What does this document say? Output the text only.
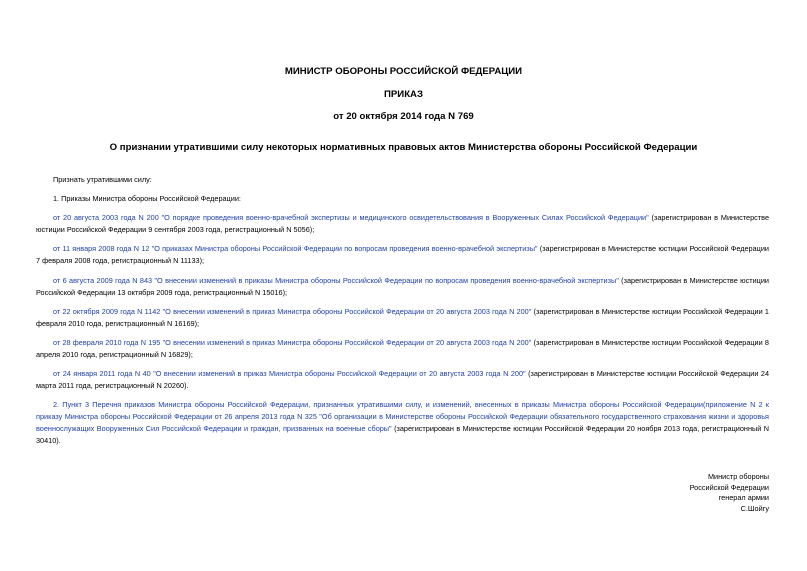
МИНИСТР ОБОРОНЫ РОССИЙСКОЙ ФЕДЕРАЦИИ
ПРИКАЗ
от 20 октября 2014 года N 769
О признании утратившими силу некоторых нормативных правовых актов Министерства обороны Российской Федерации
Признать утратившими силу:
1. Приказы Министра обороны Российской Федерации:
от 20 августа 2003 года N 200 "О порядке проведения военно-врачебной экспертизы и медицинского освидетельствования в Вооруженных Силах Российской Федерации" (зарегистрирован в Министерстве юстиции Российской Федерации 9 сентября 2003 года, регистрационный N 5056);
от 11 января 2008 года N 12 "О приказах Министра обороны Российской Федерации по вопросам проведения военно-врачебной экспертизы" (зарегистрирован в Министерстве юстиции Российской Федерации 7 февраля 2008 года, регистрационный N 11133);
от 6 августа 2009 года N 843 "О внесении изменений в приказы Министра обороны Российской Федерации по вопросам проведения военно-врачебной экспертизы" (зарегистрирован в Министерстве юстиции Российской Федерации 13 октября 2009 года, регистрационный N 15016);
от 22 октября 2009 года N 1142 "О внесении изменений в приказ Министра обороны Российской Федерации от 20 августа 2003 года N 200" (зарегистрирован в Министерстве юстиции Российской Федерации 1 февраля 2010 года, регистрационный N 16169);
от 28 февраля 2010 года N 195 "О внесении изменений в приказ Министра обороны Российской Федерации от 20 августа 2003 года N 200" (зарегистрирован в Министерстве юстиции Российской Федерации 8 апреля 2010 года, регистрационный N 16829);
от 24 января 2011 года N 40 "О внесении изменений в приказ Министра обороны Российской Федерации от 20 августа 2003 года N 200" (зарегистрирован в Министерстве юстиции Российской Федерации 24 марта 2011 года, регистрационный N 20260).
2. Пункт 3 Перечня приказов Министра обороны Российской Федерации, признанных утратившими силу, и изменений, внесенных в приказы Министра обороны Российской Федерации(приложение N 2 к приказу Министра обороны Российской Федерации от 26 апреля 2013 года N 325 "Об организации в Министерстве обороны Российской Федерации обязательного государственного страхования жизни и здоровья военнослужащих Вооруженных Сил Российской Федерации и граждан, призванных на военные сборы" (зарегистрирован в Министерстве юстиции Российской Федерации 20 ноября 2013 года, регистрационный N 30410).
Министр обороны
Российской Федерации
генерал армии
С.Шойгу
